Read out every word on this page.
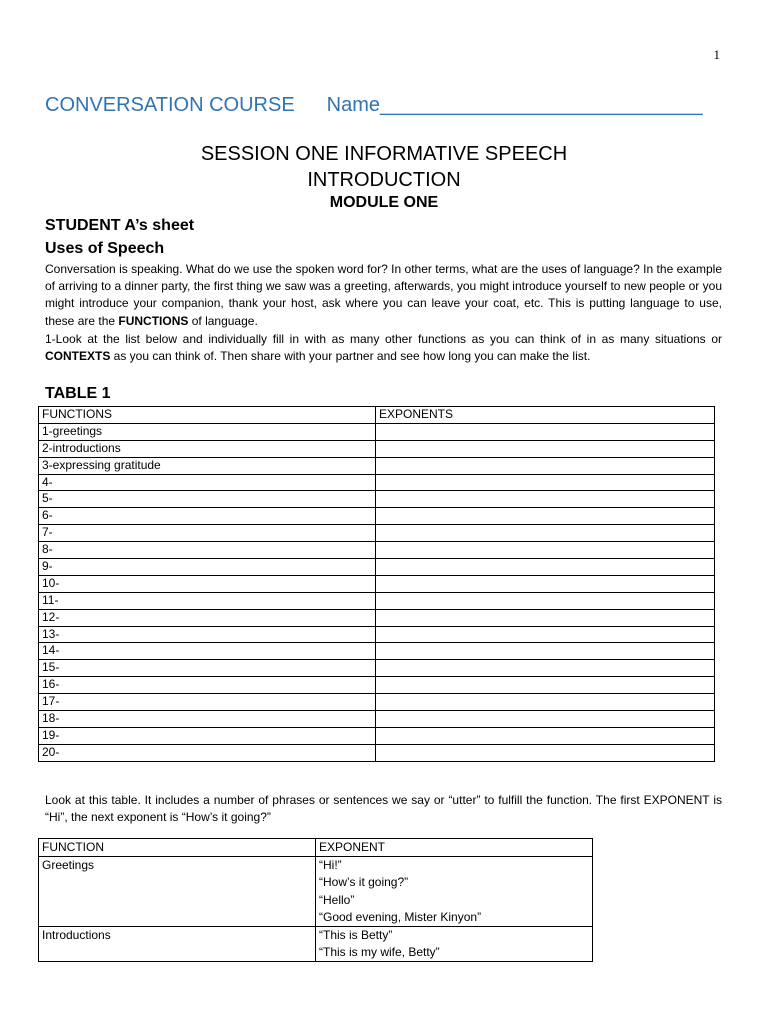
1
CONVERSATION COURSE Name_____________________________
SESSION ONE INFORMATIVE SPEECH
INTRODUCTION
MODULE ONE
STUDENT A’s sheet
Uses of Speech
Conversation is speaking. What do we use the spoken word for? In other terms, what are the uses of language? In the example of arriving to a dinner party, the first thing we saw was a greeting, afterwards, you might introduce yourself to new people or you might introduce your companion, thank your host, ask where you can leave your coat, etc. This is putting language to use, these are the FUNCTIONS of language.
1-Look at the list below and individually fill in with as many other functions as you can think of in as many situations or CONTEXTS as you can think of. Then share with your partner and see how long you can make the list.
TABLE 1
FUNCTIONS	EXPONENTS
1-greetings	
2-introductions	
3-expressing gratitude	
4-	
5-	
6-	
7-	
8-	
9-	
10-	
11-	
12-	
13-	
14-	
15-	
16-	
17-	
18-	
19-	
20-	
Look at this table. It includes a number of phrases or sentences we say or “utter” to fulfill the function. The first EXPONENT is “Hi”, the next exponent is “How’s it going?”
FUNCTION	EXPONENT
Greetings	“Hi!”
“How’s it going?”
“Hello”
“Good evening, Mister Kinyon”

Introductions	“This is Betty”
“This is my wife, Betty”
